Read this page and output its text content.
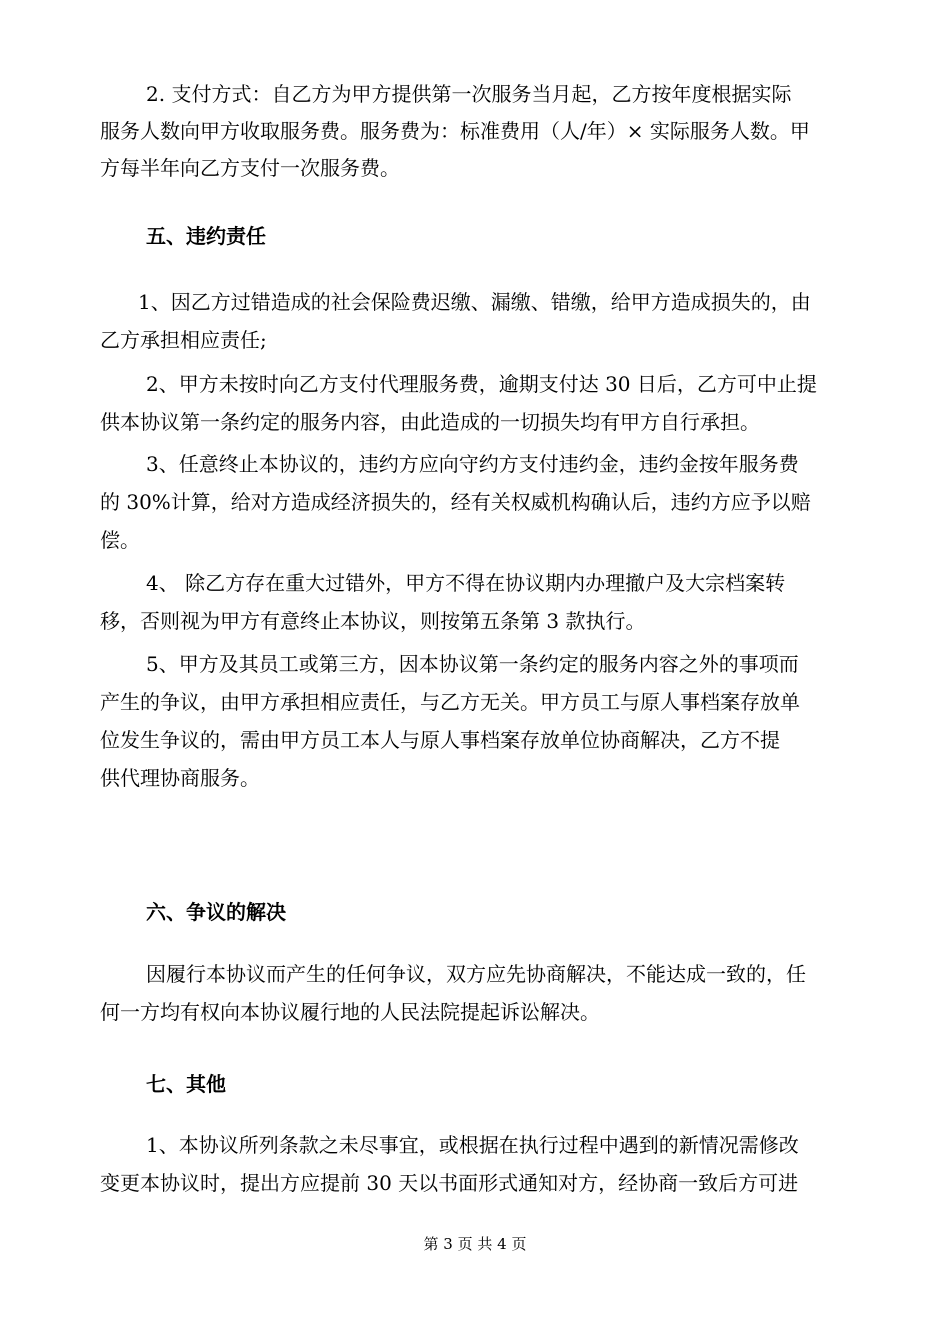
2. 支付方式：自乙方为甲方提供第一次服务当月起，乙方按年度根据实际
服务人数向甲方收取服务费。服务费为：标准费用（人/年）× 实际服务人数。甲
方每半年向乙方支付一次服务费。
五、违约责任
1、因乙方过错造成的社会保险费迟缴、漏缴、错缴，给甲方造成损失的，由
乙方承担相应责任;
2、甲方未按时向乙方支付代理服务费，逾期支付达 30 日后，乙方可中止提
供本协议第一条约定的服务内容，由此造成的一切损失均有甲方自行承担。
3、任意终止本协议的，违约方应向守约方支付违约金，违约金按年服务费
的 30%计算，给对方造成经济损失的，经有关权威机构确认后，违约方应予以赔
偿。
4、 除乙方存在重大过错外，甲方不得在协议期内办理撤户及大宗档案转
移，否则视为甲方有意终止本协议，则按第五条第 3 款执行。
5、甲方及其员工或第三方，因本协议第一条约定的服务内容之外的事项而
产生的争议，由甲方承担相应责任，与乙方无关。甲方员工与原人事档案存放单
位发生争议的，需由甲方员工本人与原人事档案存放单位协商解决，乙方不提
供代理协商服务。
六、争议的解决
因履行本协议而产生的任何争议，双方应先协商解决，不能达成一致的，任
何一方均有权向本协议履行地的人民法院提起诉讼解决。
七、其他
1、本协议所列条款之未尽事宜，或根据在执行过程中遇到的新情况需修改
变更本协议时，提出方应提前 30 天以书面形式通知对方，经协商一致后方可进
第 3 页 共 4 页
